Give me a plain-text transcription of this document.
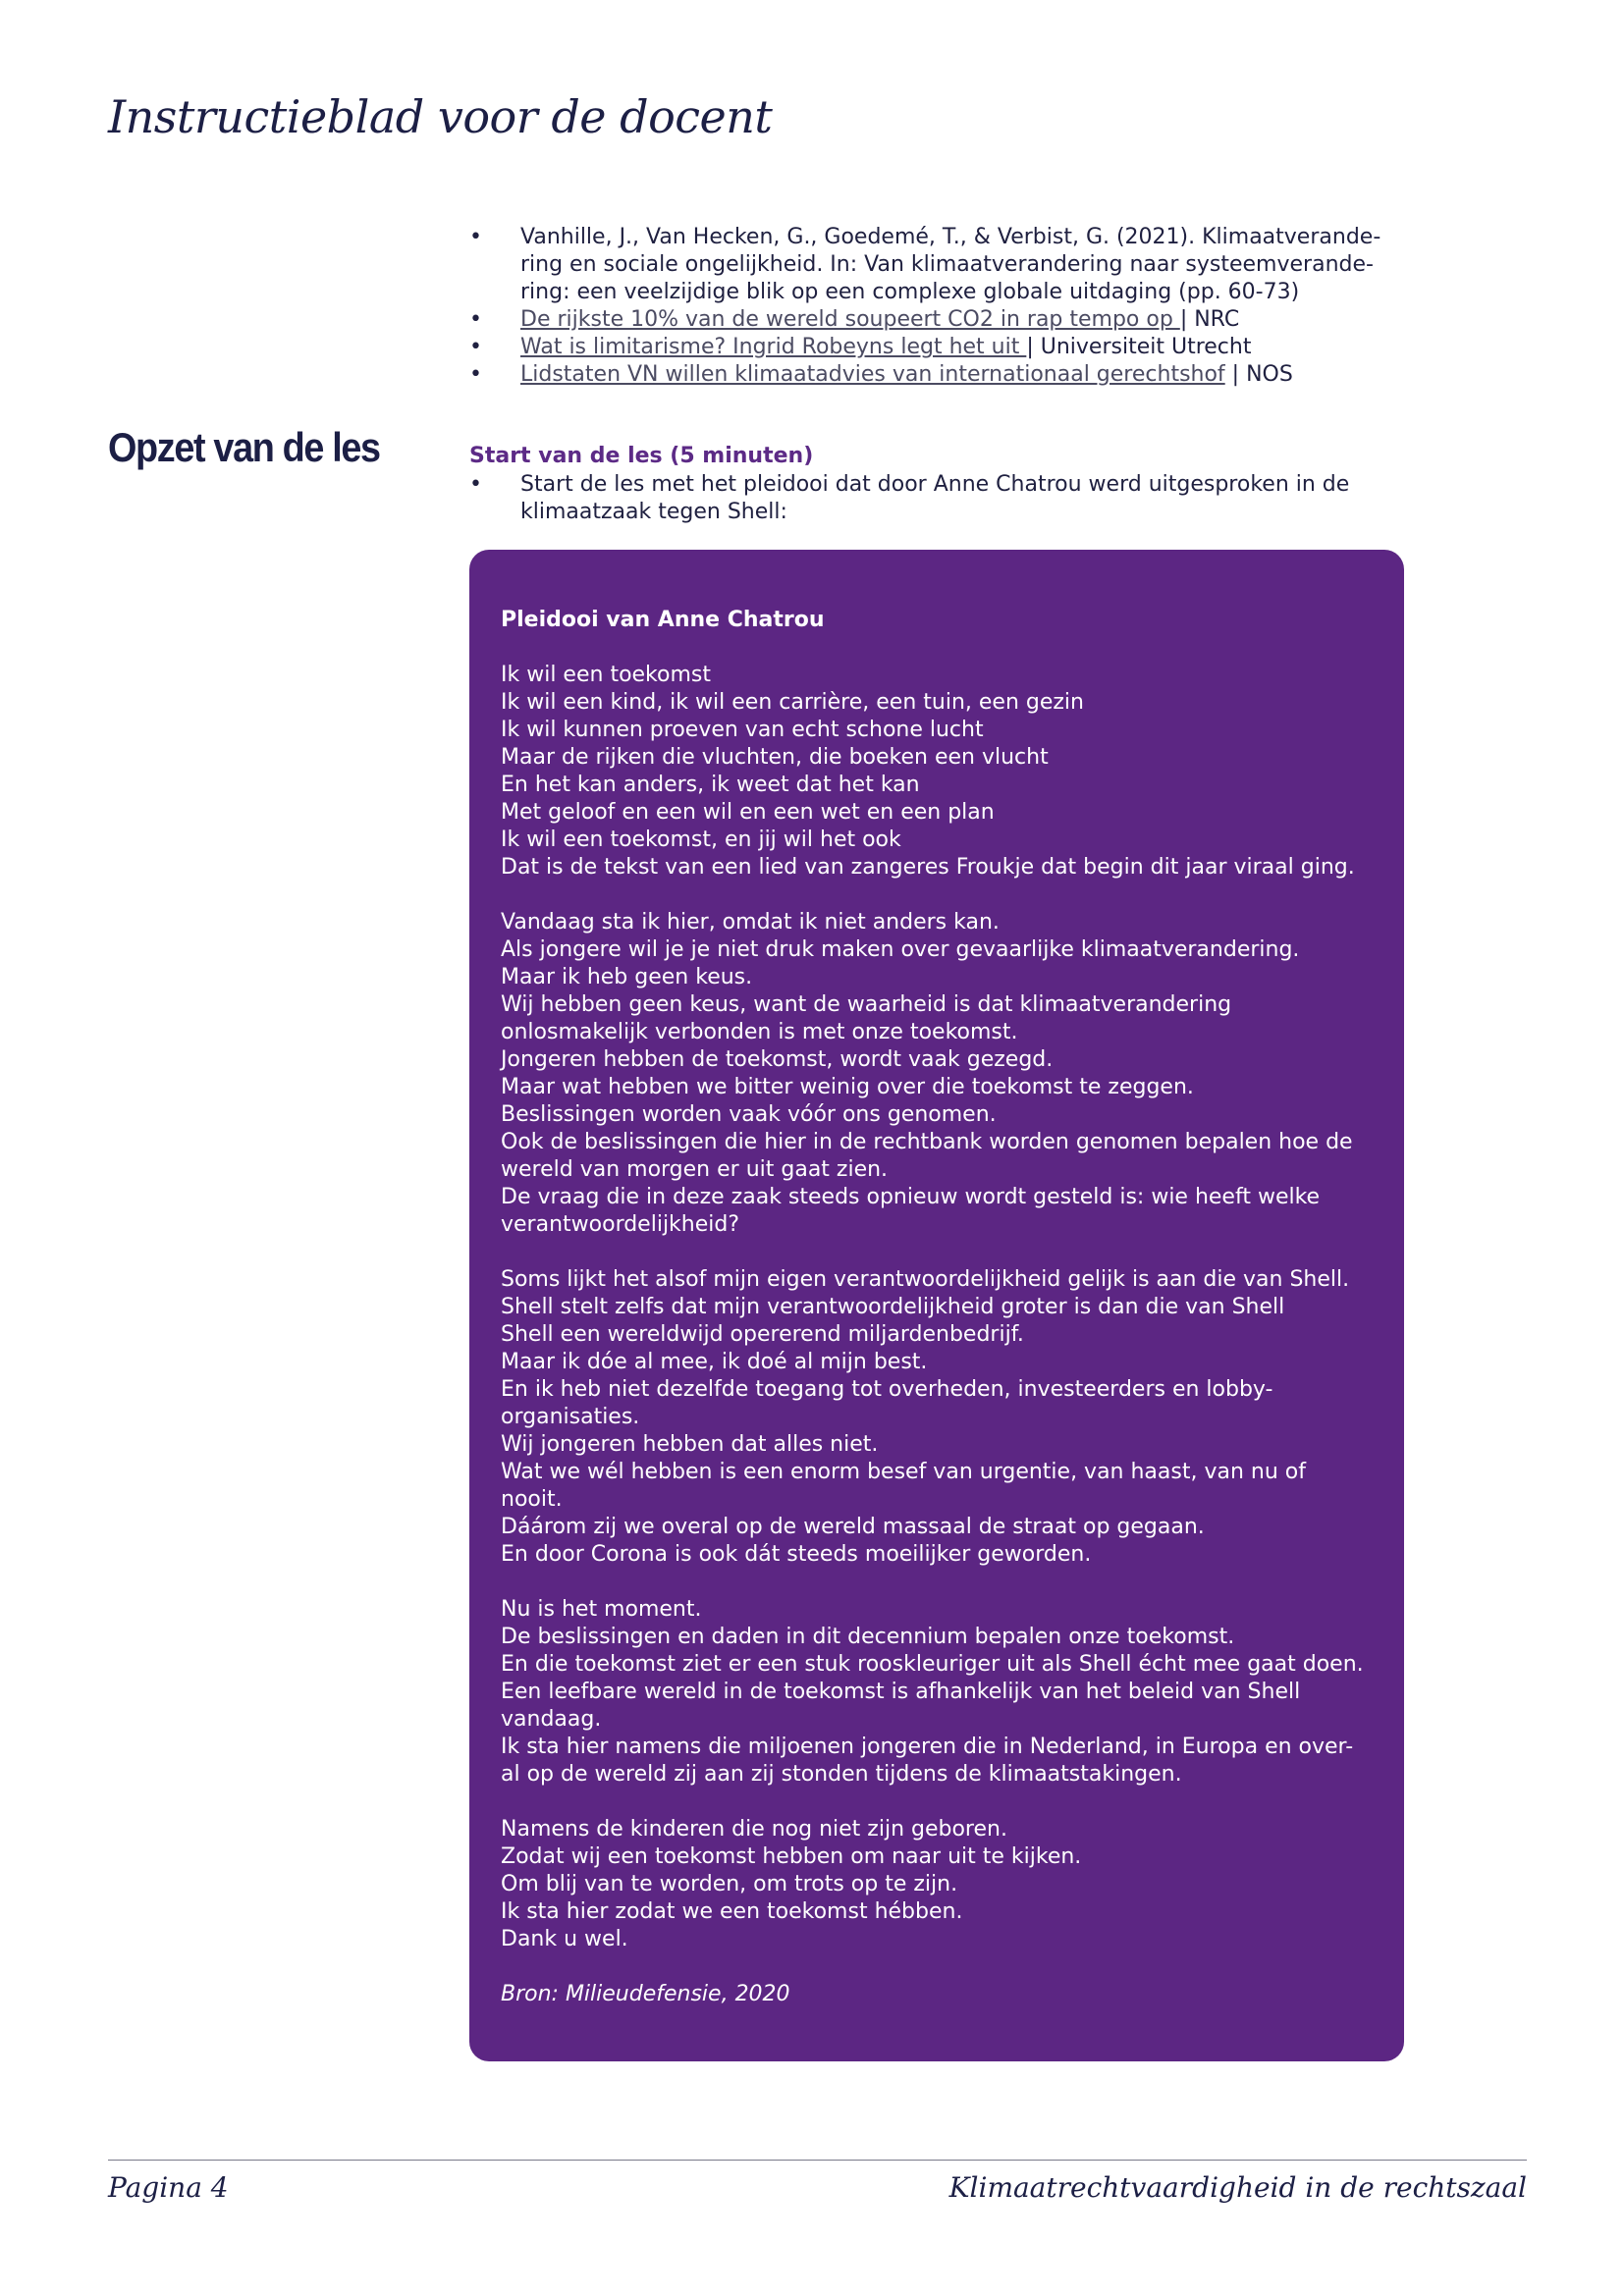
Instructieblad voor de docent
• Vanhille, J., Van Hecken, G., Goedemé, T., & Verbist, G. (2021). Klimaatverande-ring en sociale ongelijkheid. In: Van klimaatverandering naar systeemverande-ring: een veelzijdige blik op een complexe globale uitdaging (pp. 60-73)
• De rijkste 10% van de wereld soupeert CO2 in rap tempo op | NRC
• Wat is limitarisme? Ingrid Robeyns legt het uit | Universiteit Utrecht
• Lidstaten VN willen klimaatadvies van internationaal gerechtshof | NOS
Opzet van de les	Start van de les (5 minuten)

• Start de les met het pleidooi dat door Anne Chatrou werd uitgesproken in de klimaatzaak tegen Shell:

Pleidooi van Anne Chatrou

Ik wil een toekomst
Ik wil een kind, ik wil een carrière, een tuin, een gezin
Ik wil kunnen proeven van echt schone lucht
Maar de rijken die vluchten, die boeken een vlucht
En het kan anders, ik weet dat het kan
Met geloof en een wil en een wet en een plan
Ik wil een toekomst, en jij wil het ook
Dat is de tekst van een lied van zangeres Froukje dat begin dit jaar viraal ging.
Vandaag sta ik hier, omdat ik niet anders kan.
Als jongere wil je je niet druk maken over gevaarlijke klimaatverandering.
Maar ik heb geen keus.
Wij hebben geen keus, want de waarheid is dat klimaatverandering
onlosmakelijk verbonden is met onze toekomst.
Jongeren hebben de toekomst, wordt vaak gezegd.
Maar wat hebben we bitter weinig over die toekomst te zeggen.
Beslissingen worden vaak vóór ons genomen.
Ook de beslissingen die hier in de rechtbank worden genomen bepalen hoe de
wereld van morgen er uit gaat zien.
De vraag die in deze zaak steeds opnieuw wordt gesteld is: wie heeft welke
verantwoordelijkheid?
Soms lijkt het alsof mijn eigen verantwoordelijkheid gelijk is aan die van Shell.
Shell stelt zelfs dat mijn verantwoordelijkheid groter is dan die van Shell
Shell een wereldwijd opererend miljardenbedrijf.
Maar ik dóe al mee, ik doé al mijn best.
En ik heb niet dezelfde toegang tot overheden, investeerders en lobby-
organisaties.
Wij jongeren hebben dat alles niet.
Wat we wél hebben is een enorm besef van urgentie, van haast, van nu of
nooit.
Dáárom zij we overal op de wereld massaal de straat op gegaan.
En door Corona is ook dát steeds moeilijker geworden.
Nu is het moment.
De beslissingen en daden in dit decennium bepalen onze toekomst.
En die toekomst ziet er een stuk rooskleuriger uit als Shell écht mee gaat doen.
Een leefbare wereld in de toekomst is afhankelijk van het beleid van Shell
vandaag.
Ik sta hier namens die miljoenen jongeren die in Nederland, in Europa en over-
al op de wereld zij aan zij stonden tijdens de klimaatstakingen.
Namens de kinderen die nog niet zijn geboren.
Zodat wij een toekomst hebben om naar uit te kijken.
Om blij van te worden, om trots op te zijn.
Ik sta hier zodat we een toekomst hébben.
Dank u wel.

Bron: Milieudefensie, 2020

Pagina 4	Klimaatrechtvaardigheid in de rechtszaal
